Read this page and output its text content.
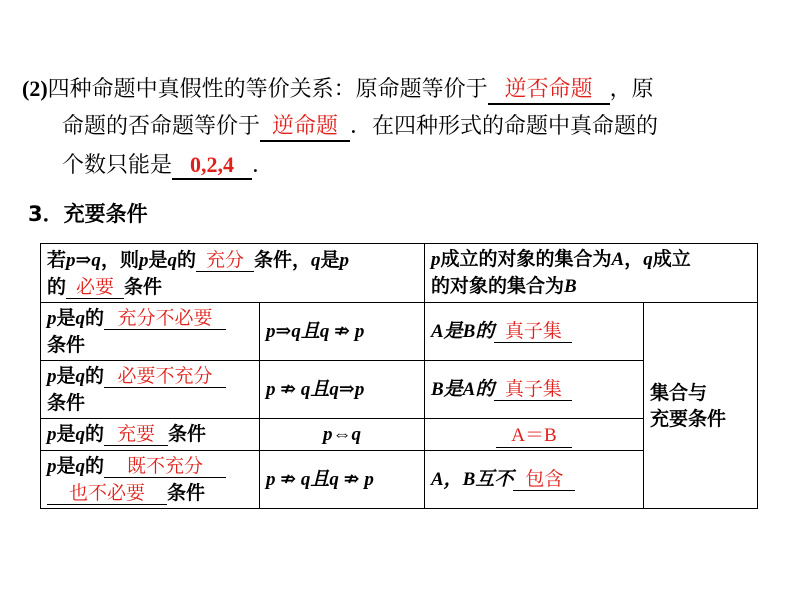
(2)四种命题中真假性的等价关系：原命题等价于 逆否命题 ，原
命题的否命题等价于 逆命题 ．在四种形式的命题中真命题的
个数只能是 0,2,4 ．
3．充要条件
若p⇒q，则p是q的 充分 条件，q是p
的 必要 条件		p成立的对象的集合为A，q成立
的对象的集合为B	
p是q的 充分不必要
条件	p⇒q且q ⇏ p	A是B的 真子集	集合与
充要条件
p是q的 必要不充分
条件	p ⇏ q且q⇒p	B是A的 真子集	
p是q的 充要 条件	p⇔q	A＝B	
p是q的 既不充分
也不必要 条件	p ⇏ q且q ⇏ p	A，B互不 包含	
